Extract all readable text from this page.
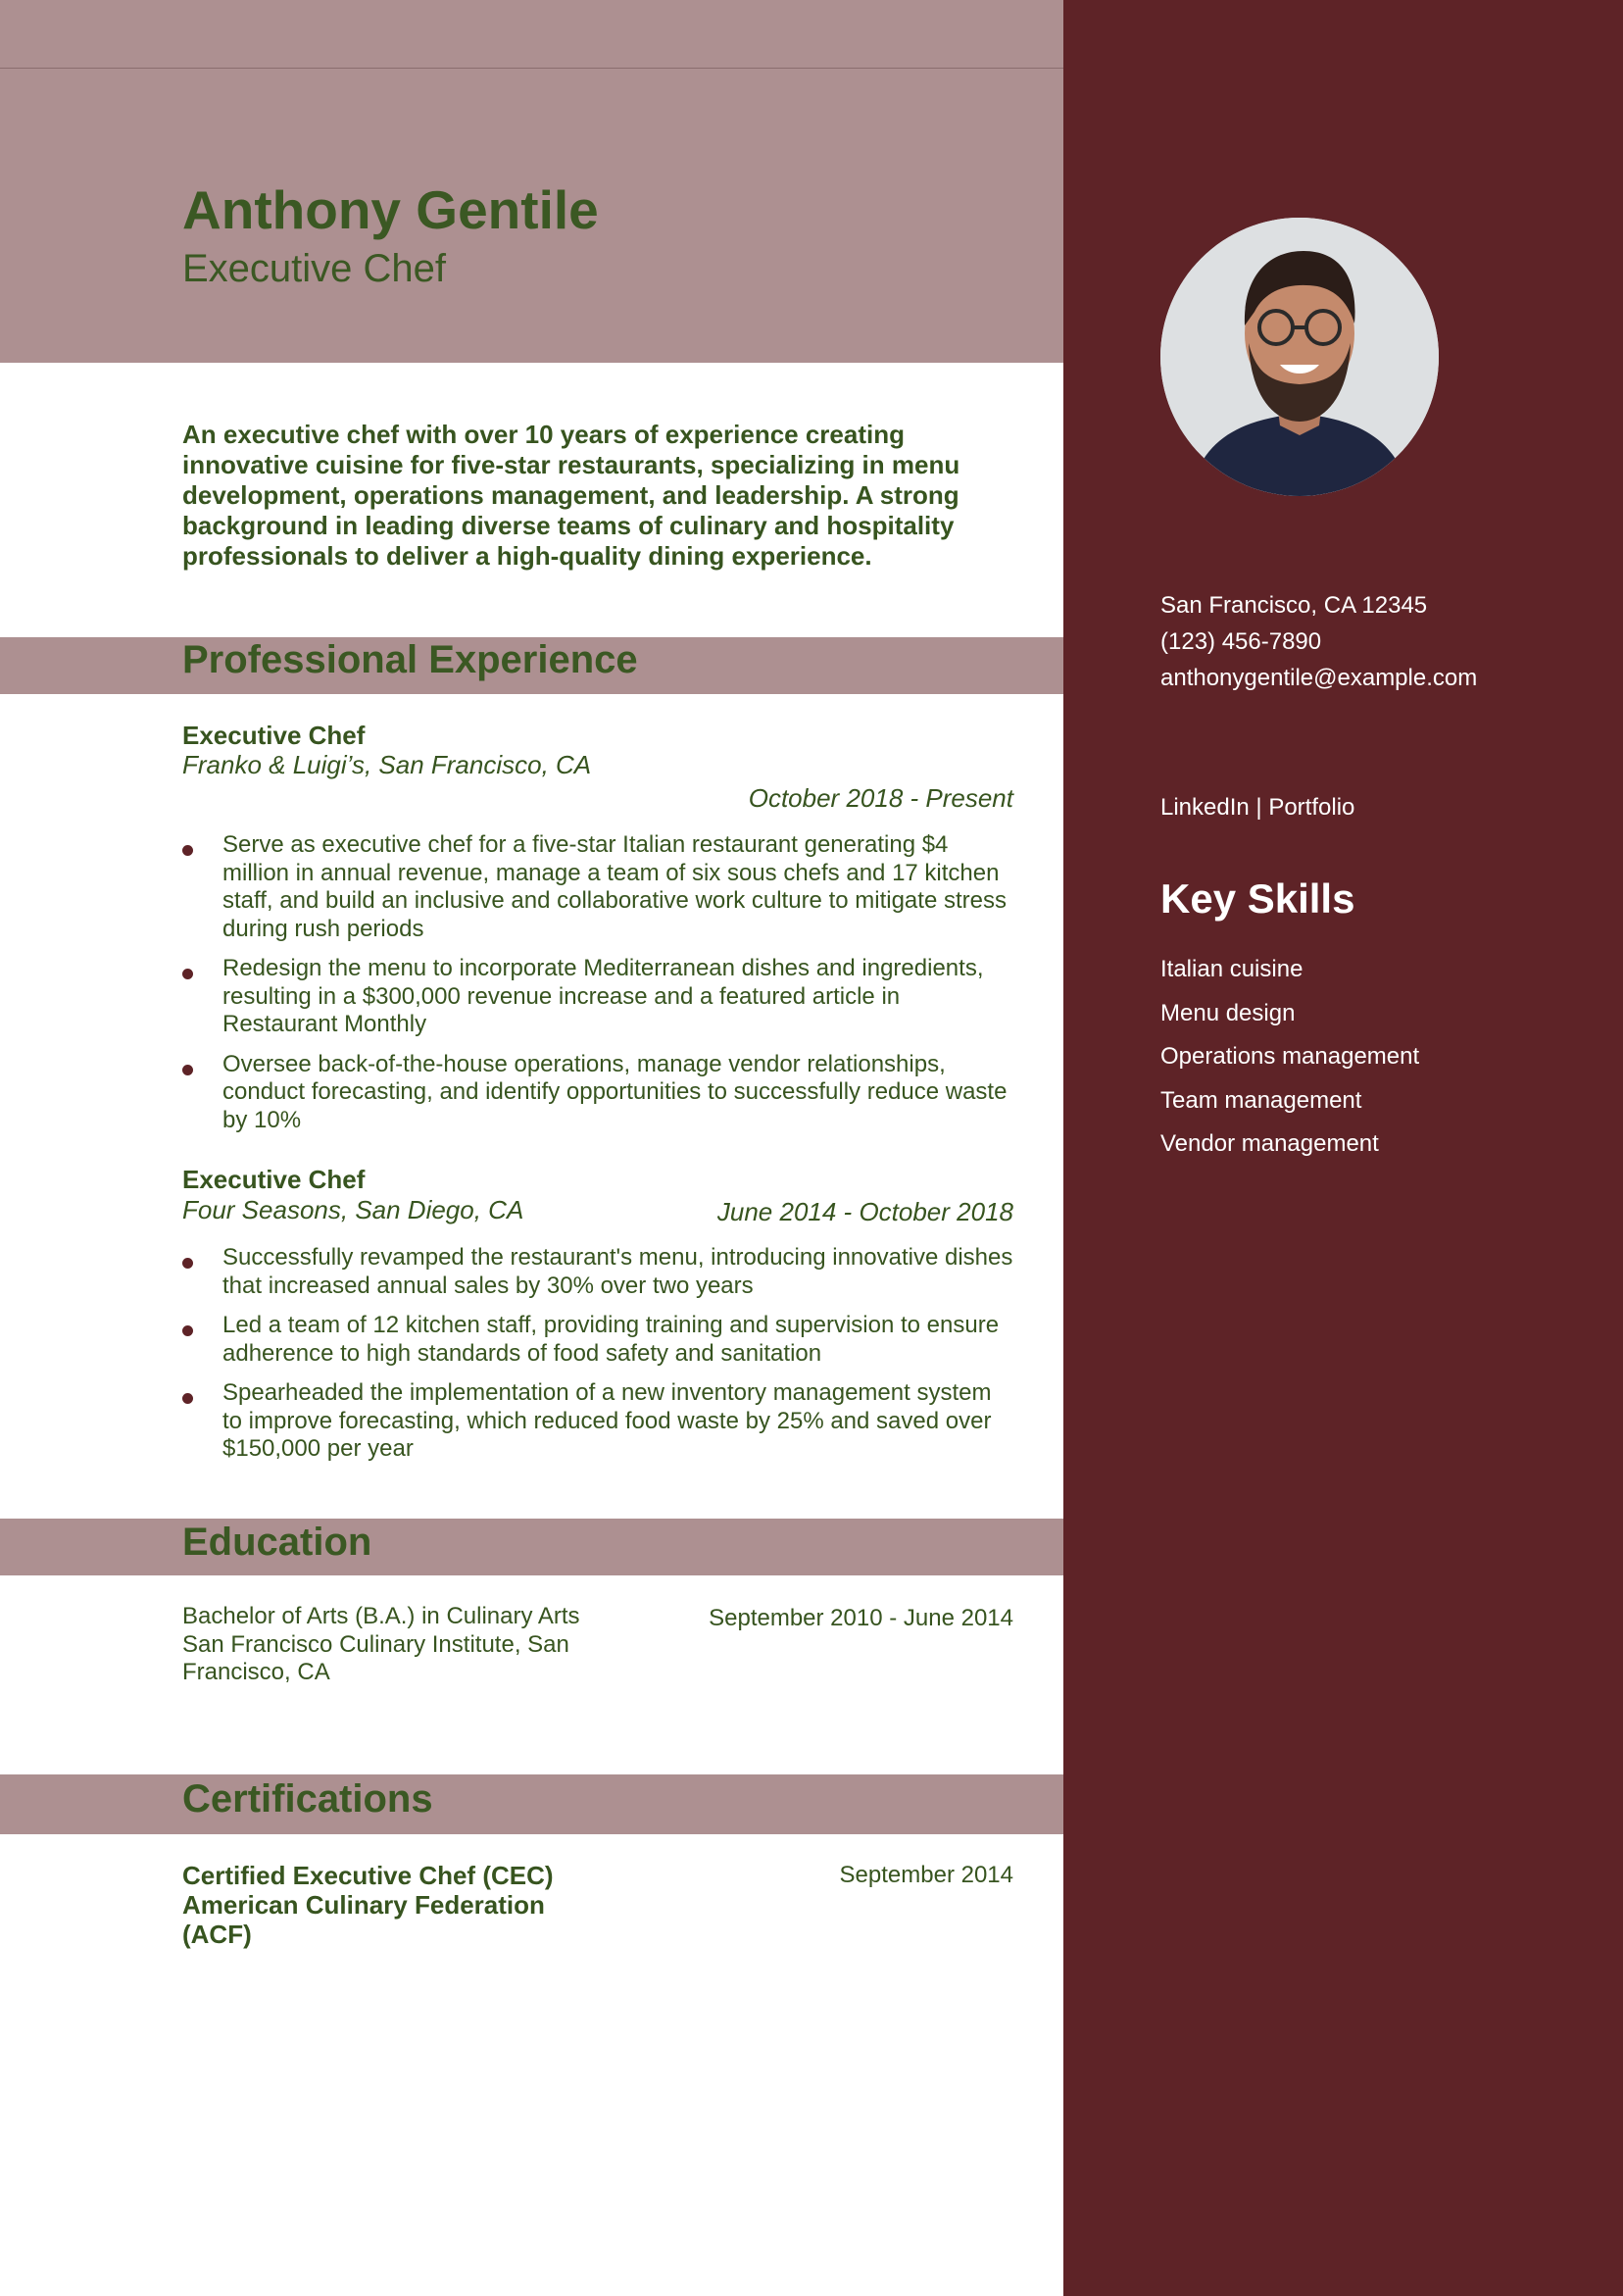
Anthony Gentile
Executive Chef
An executive chef with over 10 years of experience creating innovative cuisine for five-star restaurants, specializing in menu development, operations management, and leadership. A strong background in leading diverse teams of culinary and hospitality professionals to deliver a high-quality dining experience.
Professional Experience
Executive Chef
Franko & Luigi’s, San Francisco, CA
October 2018 - Present
Serve as executive chef for a five-star Italian restaurant generating $4 million in annual revenue, manage a team of six sous chefs and 17 kitchen staff, and build an inclusive and collaborative work culture to mitigate stress during rush periods
Redesign the menu to incorporate Mediterranean dishes and ingredients, resulting in a $300,000 revenue increase and a featured article in Restaurant Monthly
Oversee back-of-the-house operations, manage vendor relationships, conduct forecasting, and identify opportunities to successfully reduce waste by 10%
Executive Chef
Four Seasons, San Diego, CA	June 2014 - October 2018
Successfully revamped the restaurant's menu, introducing innovative dishes that increased annual sales by 30% over two years
Led a team of 12 kitchen staff, providing training and supervision to ensure adherence to high standards of food safety and sanitation
Spearheaded the implementation of a new inventory management system to improve forecasting, which reduced food waste by 25% and saved over $150,000 per year
Education
Bachelor of Arts (B.A.) in Culinary Arts
San Francisco Culinary Institute, San Francisco, CA
September 2010 - June 2014
Certifications
Certified Executive Chef (CEC)
American Culinary Federation (ACF)
September 2014
San Francisco, CA 12345
(123) 456-7890
anthonygentile@example.com
LinkedIn | Portfolio
Key Skills
Italian cuisine
Menu design
Operations management
Team management
Vendor management
